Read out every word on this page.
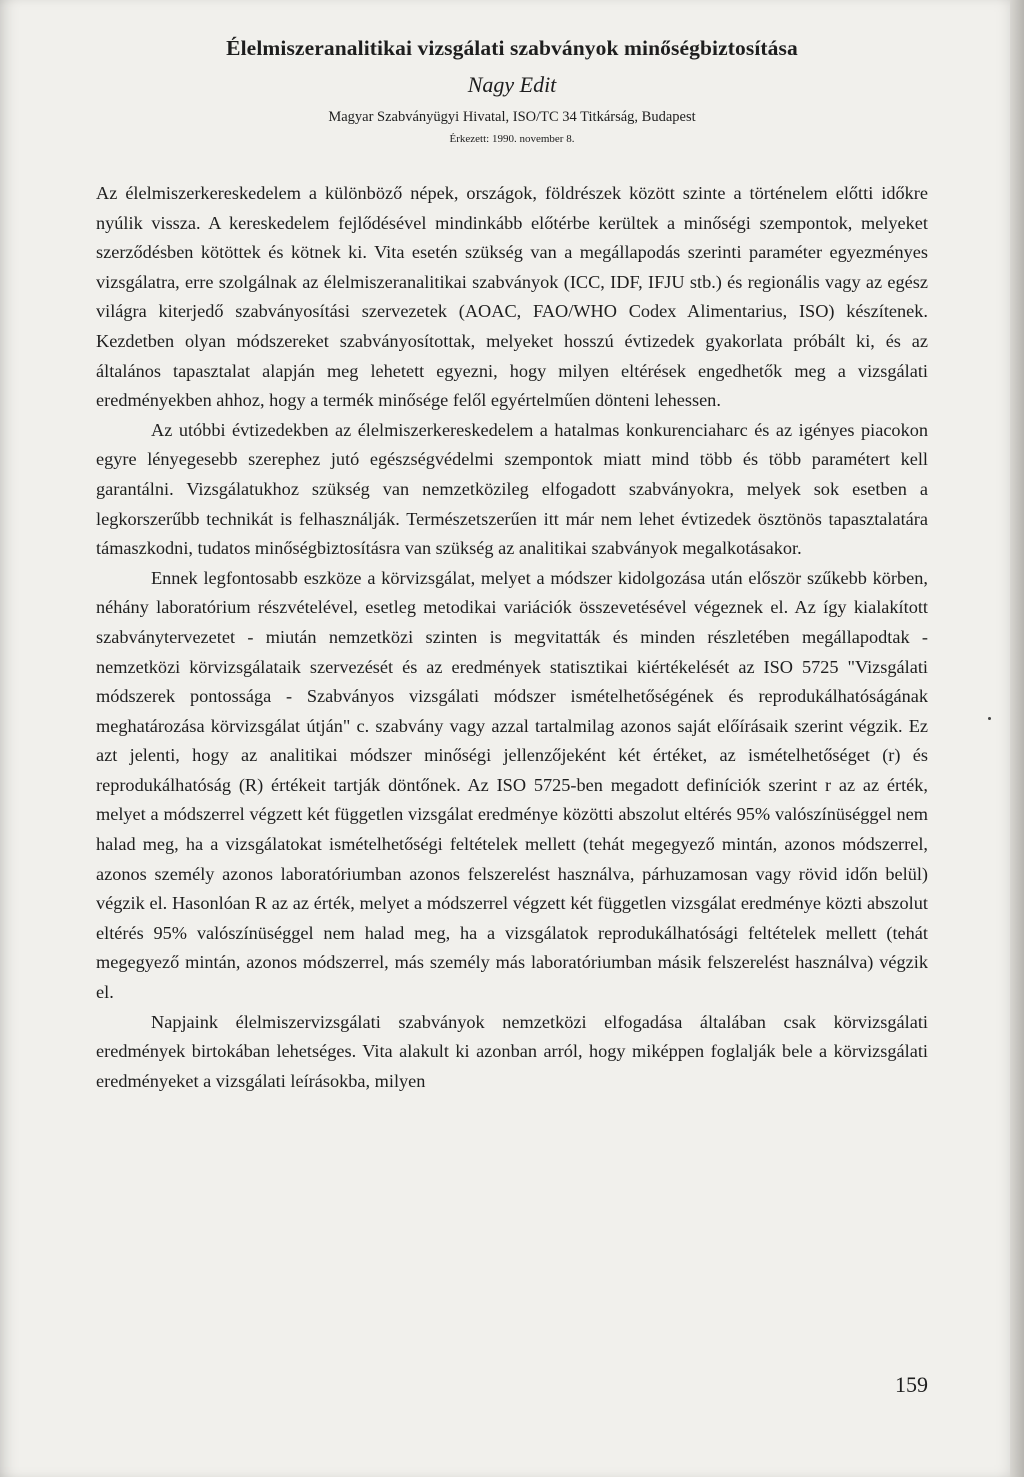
Élelmiszeranalitikai vizsgálati szabványok minőségbiztosítása
Nagy Edit
Magyar Szabványügyi Hivatal, ISO/TC 34 Titkárság, Budapest
Érkezett: 1990. november 8.

Az élelmiszerkereskedelem a különböző népek, országok, földrészek között szinte a történelem előtti időkre nyúlik vissza. A kereskedelem fejlődésével mindinkább előtérbe kerültek a minőségi szempontok, melyeket szerződésben kötöttek és kötnek ki. Vita esetén szükség van a megállapodás szerinti paraméter egyezményes vizsgálatra, erre szolgálnak az élelmiszeranalitikai szabványok (ICC, IDF, IFJU stb.) és regionális vagy az egész világra kiterjedő szabványosítási szervezetek (AOAC, FAO/WHO Codex Alimentarius, ISO) készítenek. Kezdetben olyan módszereket szabványosítottak, melyeket hosszú évtizedek gyakorlata próbált ki, és az általános tapasztalat alapján meg lehetett egyezni, hogy milyen eltérések engedhetők meg a vizsgálati eredményekben ahhoz, hogy a termék minősége felől egyértelműen dönteni lehessen.

Az utóbbi évtizedekben az élelmiszerkereskedelem a hatalmas konkurenciaharc és az igényes piacokon egyre lényegesebb szerephez jutó egészségvédelmi szempontok miatt mind több és több paramétert kell garantálni. Vizsgálatukhoz szükség van nemzetközileg elfogadott szabványokra, melyek sok esetben a legkorszerűbb technikát is felhasználják. Természetszerűen itt már nem lehet évtizedek ösztönös tapasztalatára támaszkodni, tudatos minőségbiztosításra van szükség az analitikai szabványok megalkotásakor.

Ennek legfontosabb eszköze a körvizsgálat, melyet a módszer kidolgozása után először szűkebb körben, néhány laboratórium részvételével, esetleg metodikai variációk összevetésével végeznek el. Az így kialakított szabványtervezetet - miután nemzetközi szinten is megvitatták és minden részletében megállapodtak - nemzetközi körvizsgálataik szervezését és az eredmények statisztikai kiértékelését az ISO 5725 "Vizsgálati módszerek pontossága - Szabványos vizsgálati módszer ismételhetőségének és reprodukálhatóságának meghatározása körvizsgálat útján" c. szabvány vagy azzal tartalmilag azonos saját előírásaik szerint végzik. Ez azt jelenti, hogy az analitikai módszer minőségi jellenzőjeként két értéket, az ismételhetőséget (r) és reprodukálhatóság (R) értékeit tartják döntőnek. Az ISO 5725-ben megadott definíciók szerint r az az érték, melyet a módszerrel végzett két független vizsgálat eredménye közötti abszolut eltérés 95% valószínüséggel nem halad meg, ha a vizsgálatokat ismételhetőségi feltételek mellett (tehát megegyező mintán, azonos módszerrel, azonos személy azonos laboratóriumban azonos felszerelést használva, párhuzamosan vagy rövid időn belül) végzik el. Hasonlóan R az az érték, melyet a módszerrel végzett két független vizsgálat eredménye közti abszolut eltérés 95% valószínüséggel nem halad meg, ha a vizsgálatok reprodukálhatósági feltételek mellett (tehát megegyező mintán, azonos módszerrel, más személy más laboratóriumban másik felszerelést használva) végzik el.

Napjaink élelmiszervizsgálati szabványok nemzetközi elfogadása általában csak körvizsgálati eredmények birtokában lehetséges. Vita alakult ki azonban arról, hogy miképpen foglalják bele a körvizsgálati eredményeket a vizsgálati leírásokba, milyen

159
